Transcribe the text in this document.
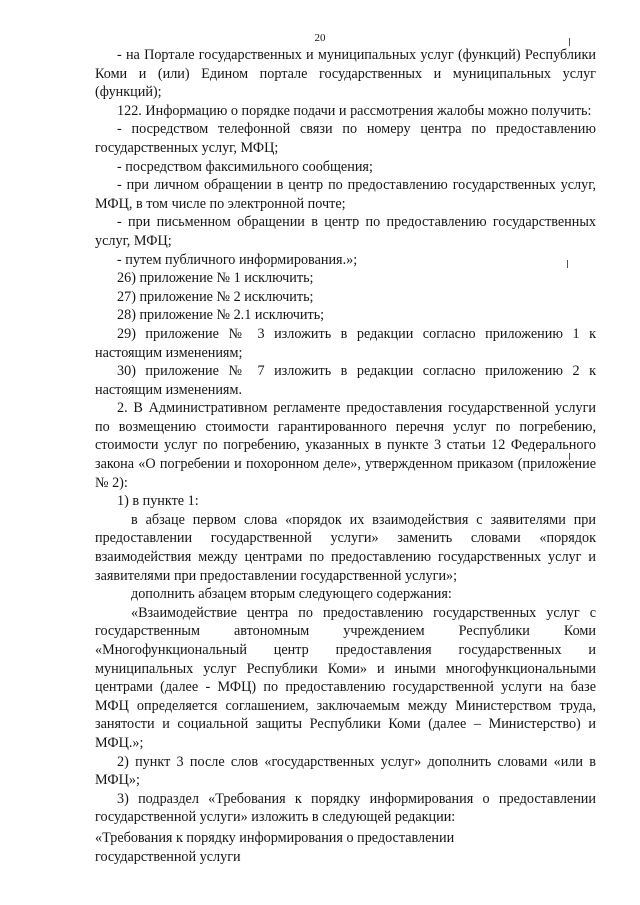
20

- на Портале государственных и муниципальных услуг (функций) Республики Коми и (или) Едином портале государственных и муниципальных услуг (функций);

122. Информацию о порядке подачи и рассмотрения жалобы можно получить:

- посредством телефонной связи по номеру центра по предоставлению государственных услуг, МФЦ;

- посредством факсимильного сообщения;

- при личном обращении в центр по предоставлению государственных услуг, МФЦ, в том числе по электронной почте;

- при письменном обращении в центр по предоставлению государственных услуг, МФЦ;

- путем публичного информирования.»;

26) приложение № 1 исключить;

27) приложение № 2 исключить;

28) приложение № 2.1 исключить;

29) приложение № 3 изложить в редакции согласно приложению 1 к настоящим изменениям;

30) приложение № 7 изложить в редакции согласно приложению 2 к настоящим изменениям.

2. В Административном регламенте предоставления государственной услуги по возмещению стоимости гарантированного перечня услуг по погребению, стоимости услуг по погребению, указанных в пункте 3 статьи 12 Федерального закона «О погребении и похоронном деле», утвержденном приказом (приложение № 2):

1) в пункте 1:

в абзаце первом слова «порядок их взаимодействия с заявителями при предоставлении государственной услуги» заменить словами «порядок взаимодействия между центрами по предоставлению государственных услуг и заявителями при предоставлении государственной услуги»;

дополнить абзацем вторым следующего содержания:

«Взаимодействие центра по предоставлению государственных услуг с государственным автономным учреждением Республики Коми «Многофункциональный центр предоставления государственных и муниципальных услуг Республики Коми» и иными многофункциональными центрами (далее - МФЦ) по предоставлению государственной услуги на базе МФЦ определяется соглашением, заключаемым между Министерством труда, занятости и социальной защиты Республики Коми (далее – Министерство) и МФЦ.»;

2) пункт 3 после слов «государственных услуг» дополнить словами «или в МФЦ»;

3) подраздел «Требования к порядку информирования о предоставлении государственной услуги» изложить в следующей редакции:

«Требования к порядку информирования о предоставлении
государственной услуги
